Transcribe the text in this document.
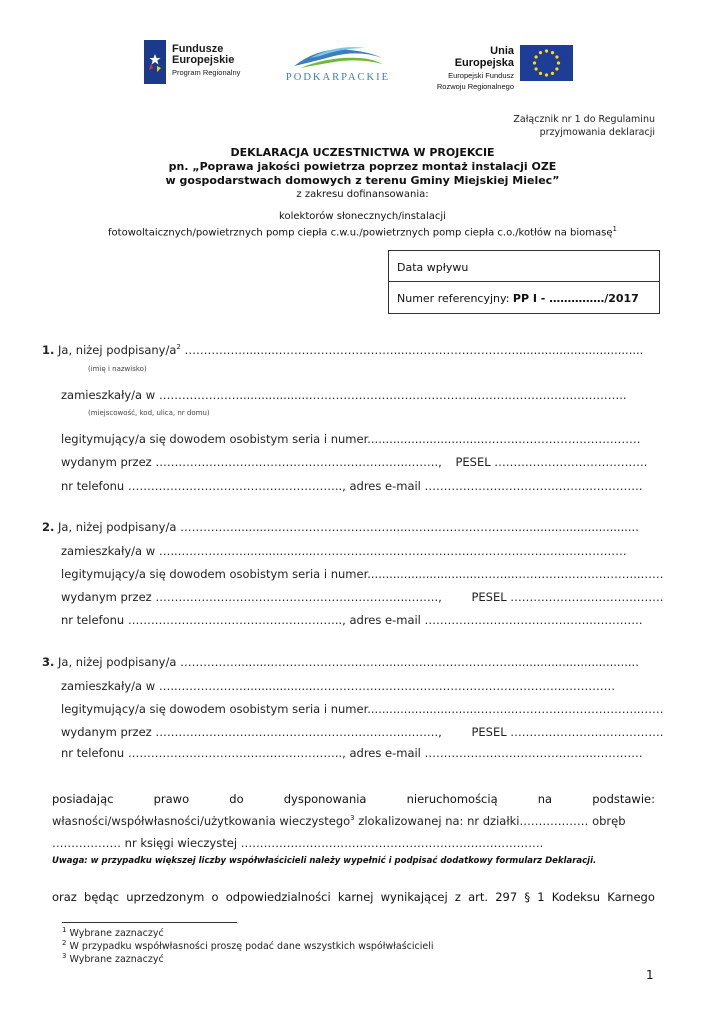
Fundusze
Europejskie
Program Regionalny	PODKARPACKIE
Unia Europejska
Europejski Fundusz
Rozwoju Regionalnego
Załącznik nr 1 do Regulaminu
przyjmowania deklaracji
DEKLARACJA UCZESTNICTWA W PROJEKCIE
pn. „Poprawa jakości powietrza poprzez montaż instalacji OZE
w gospodarstwach domowych z terenu Gminy Miejskiej Mielec”
z zakresu dofinansowania:
kolektorów słonecznych/instalacji
fotowoltaicznych/powietrznych pomp ciepła c.w.u./powietrznych pomp ciepła c.o./kotłów na biomasę$^1$
Data wpływu
Numer referencyjny: PP I - ……………/2017
1. Ja, niżej podpisany/$a^2$ ……………..........………………………….....………………………...................................
(imię i nazwisko)
zamieszkały/a w …………………...................………………………………………………………………………..
(miejscowość, kod, ulica, nr domu)
legitymujący/a się dowodem osobistym seria i numer.................................……...…………….……………
wydanym przez …………………….…………………………………..…….., PESEL ………………………………….
nr telefonu ……………………………………………….., adres e-mail ……………………………………..………….
2. Ja, niżej podpisany/a ……………..........………………………….....………………………...................................
zamieszkały/a w …..………………...................………………………………………………………………………
legitymujący/a się dowodem osobistym seria i numer...............................……...…………….……………..……
wydanym przez …………………….…………………………………..……..,	PESEL ………………………………….
nr telefonu ……………………………………………….., adres e-mail ……………………………………..………….
3. Ja, niżej podpisany/a ……………..........………………………….....………………………...................................
zamieszkały/a w …..………………...................……………………………………………………………………
legitymujący/a się dowodem osobistym seria i numer...............................……...…………….……………..……
wydanym przez …………………….…………………………………..……..,	PESEL ………………………………….
nr telefonu ……………………………………………….., adres e-mail ……………………………………..………….
posiadając	prawo	do	dysponowania	nieruchomością	na	podstawie:
własności/współwłasności/użytkowania wieczystego$^3$ zlokalizowanej na: nr działki……………… obręb
……………… nr księgi wieczystej …………………………………………………………………….
Uwaga: w przypadku większej liczby współwłaścicieli należy wypełnić i podpisać dodatkowy formularz Deklaracji.
oraz będąc uprzedzonym o odpowiedzialności karnej wynikającej z art. 297 § 1 Kodeksu Karnego
$^1$ Wybrane zaznaczyć
$^2$ W przypadku współwłasności proszę podać dane wszystkich współwłaścicieli
$^3$ Wybrane zaznaczyć
1
